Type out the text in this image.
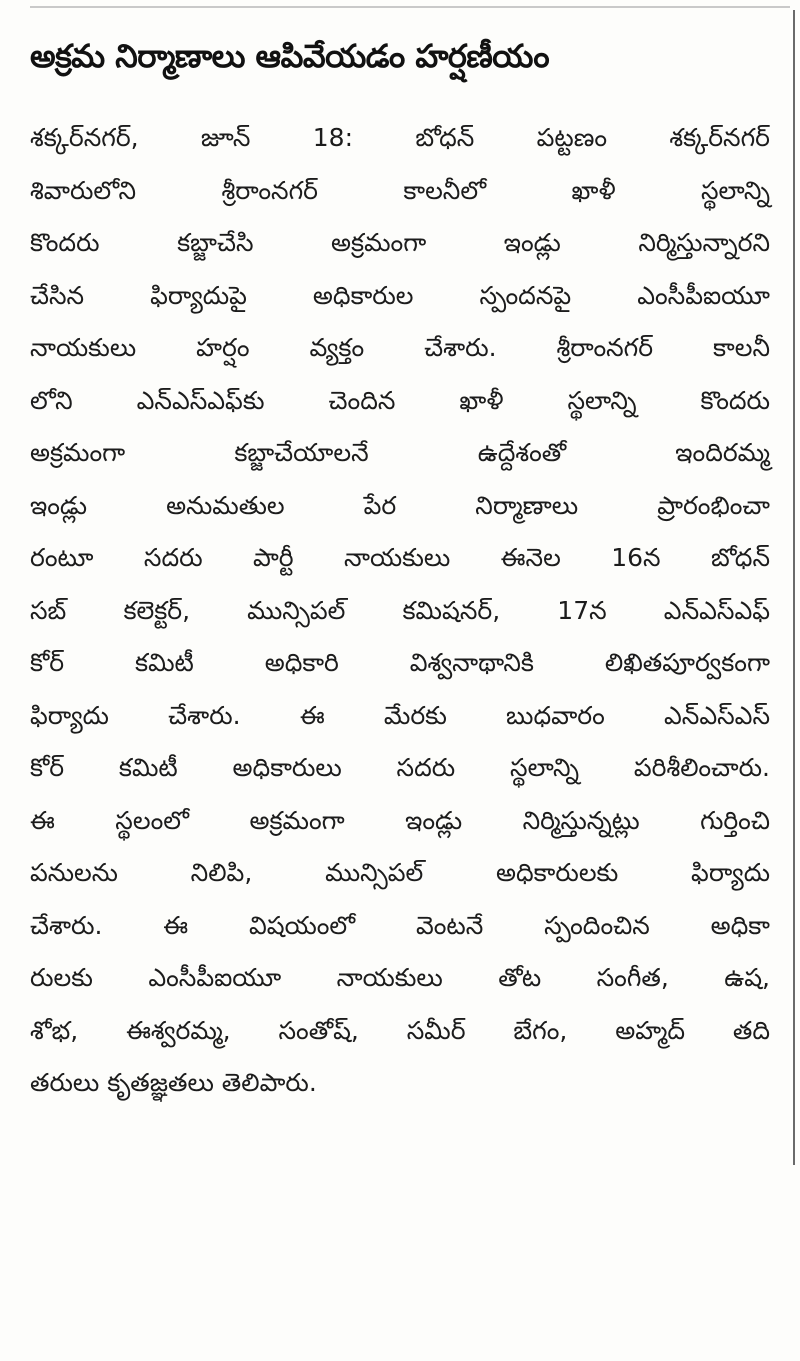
అక్రమ నిర్మాణాలు ఆపివేయడం హర్షణీయం
శక్కర్‌నగర్, జూన్ 18: బోధన్ పట్టణం శక్కర్‌నగర్
శివారులోని శ్రీరాంనగర్ కాలనీలో ఖాళీ స్థలాన్ని
కొందరు కబ్జాచేసి అక్రమంగా ఇండ్లు నిర్మిస్తున్నారని
చేసిన ఫిర్యాదుపై అధికారుల స్పందనపై ఎంసీపీఐయూ
నాయకులు హర్షం వ్యక్తం చేశారు. శ్రీరాంనగర్ కాలనీ
లోని ఎన్‌ఎస్‌ఎఫ్‌కు చెందిన ఖాళీ స్థలాన్ని కొందరు
అక్రమంగా కబ్జాచేయాలనే ఉద్దేశంతో ఇందిరమ్మ
ఇండ్లు అనుమతుల పేర నిర్మాణాలు ప్రారంభించా
రంటూ సదరు పార్టీ నాయకులు ఈనెల 16న బోధన్
సబ్ కలెక్టర్, మున్సిపల్ కమిషనర్, 17న ఎన్‌ఎస్‌ఎఫ్
కోర్ కమిటీ అధికారి విశ్వనాథానికి లిఖితపూర్వకంగా
ఫిర్యాదు చేశారు. ఈ మేరకు బుధవారం ఎన్‌ఎస్‌ఎస్
కోర్ కమిటీ అధికారులు సదరు స్థలాన్ని పరిశీలించారు.
ఈ స్థలంలో అక్రమంగా ఇండ్లు నిర్మిస్తున్నట్లు గుర్తించి
పనులను నిలిపి, మున్సిపల్ అధికారులకు ఫిర్యాదు
చేశారు. ఈ విషయంలో వెంటనే స్పందించిన అధికా
రులకు ఎంసీపీఐయూ నాయకులు తోట సంగీత, ఉష,
శోభ, ఈశ్వరమ్మ, సంతోష్, సమీర్ బేగం, అహ్మద్ తది
తరులు కృతజ్ఞతలు తెలిపారు.
